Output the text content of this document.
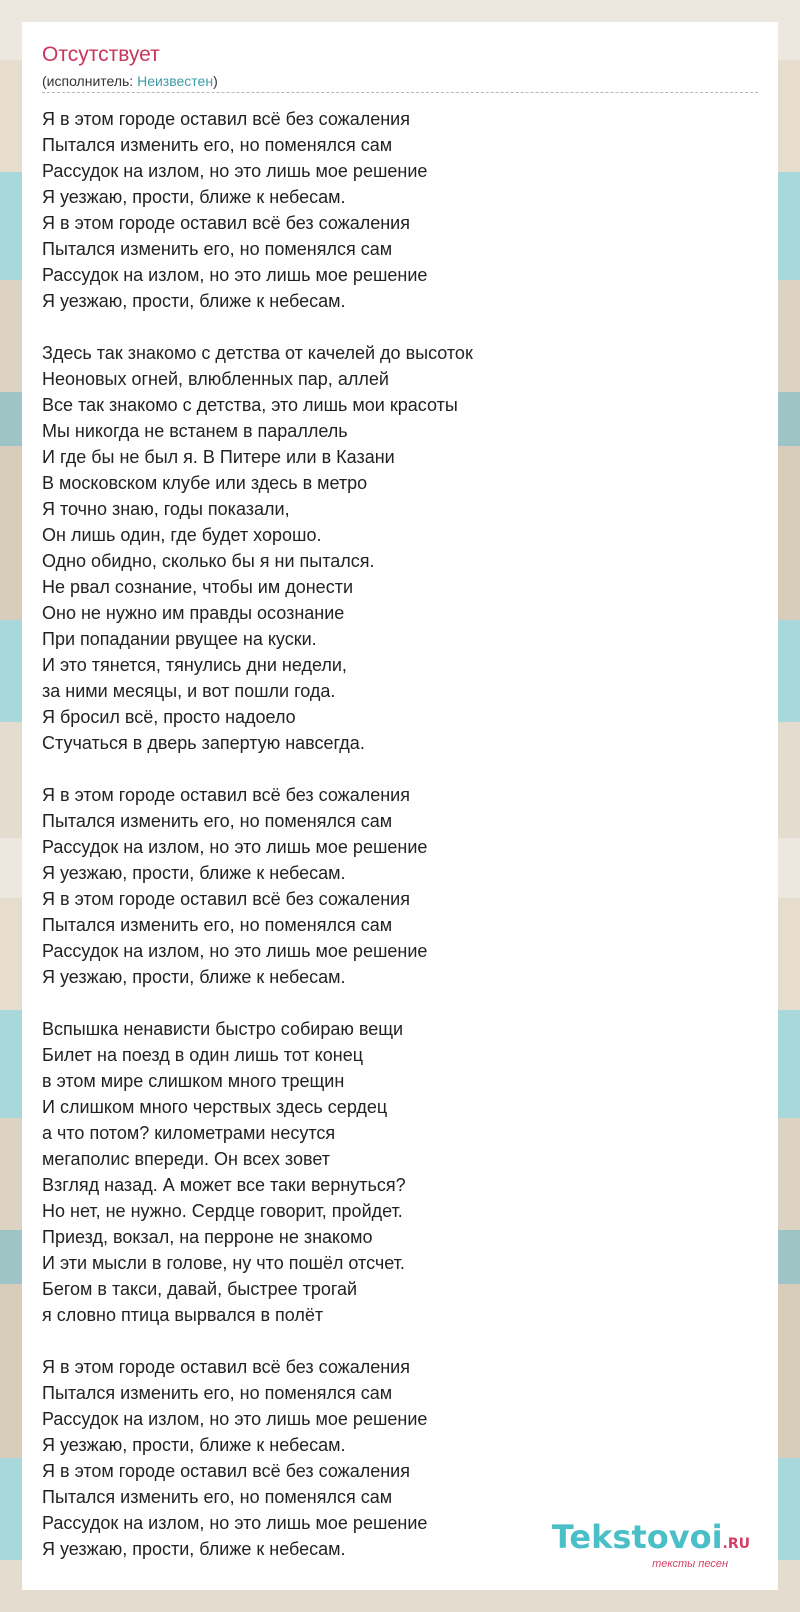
Отсутствует
(исполнитель: Неизвестен)
Я в этом городе оставил всё без сожаления
Пытался изменить его, но поменялся сам
Рассудок на излом, но это лишь мое решение
Я уезжаю, прости, ближе к небесам.
Я в этом городе оставил всё без сожаления
Пытался изменить его, но поменялся сам
Рассудок на излом, но это лишь мое решение
Я уезжаю, прости, ближе к небесам.
Здесь так знакомо с детства от качелей до высоток
Неоновых огней, влюбленных пар, аллей
Все так знакомо с детства, это лишь мои красоты
Мы никогда не встанем в параллель
И где бы не был я. В Питере или в Казани
В московском клубе или здесь в метро
Я точно знаю, годы показали,
Он лишь один, где будет хорошо.
Одно обидно, сколько бы я ни пытался.
Не рвал сознание, чтобы им донести
Оно не нужно им правды осознание
При попадании рвущее на куски.
И это тянется, тянулись дни недели,
за ними месяцы, и вот пошли года.
Я бросил всё, просто надоело
Стучаться в дверь запертую навсегда.
Я в этом городе оставил всё без сожаления
Пытался изменить его, но поменялся сам
Рассудок на излом, но это лишь мое решение
Я уезжаю, прости, ближе к небесам.
Я в этом городе оставил всё без сожаления
Пытался изменить его, но поменялся сам
Рассудок на излом, но это лишь мое решение
Я уезжаю, прости, ближе к небесам.
Вспышка ненависти быстро собираю вещи
Билет на поезд в один лишь тот конец
в этом мире слишком много трещин
И слишком много черствых здесь сердец
а что потом? километрами несутся
мегаполис впереди. Он всех зовет
Взгляд назад. А может все таки вернуться?
Но нет, не нужно. Сердце говорит, пройдет.
Приезд, вокзал, на перроне не знакомо
И эти мысли в голове, ну что пошёл отсчет.
Бегом в такси, давай, быстрее трогай
я словно птица вырвался в полёт
Я в этом городе оставил всё без сожаления
Пытался изменить его, но поменялся сам
Рассудок на излом, но это лишь мое решение
Я уезжаю, прости, ближе к небесам.
Я в этом городе оставил всё без сожаления
Пытался изменить его, но поменялся сам
Рассудок на излом, но это лишь мое решение
Я уезжаю, прости, ближе к небесам.	Tekstovoi.RU
тексты песен
